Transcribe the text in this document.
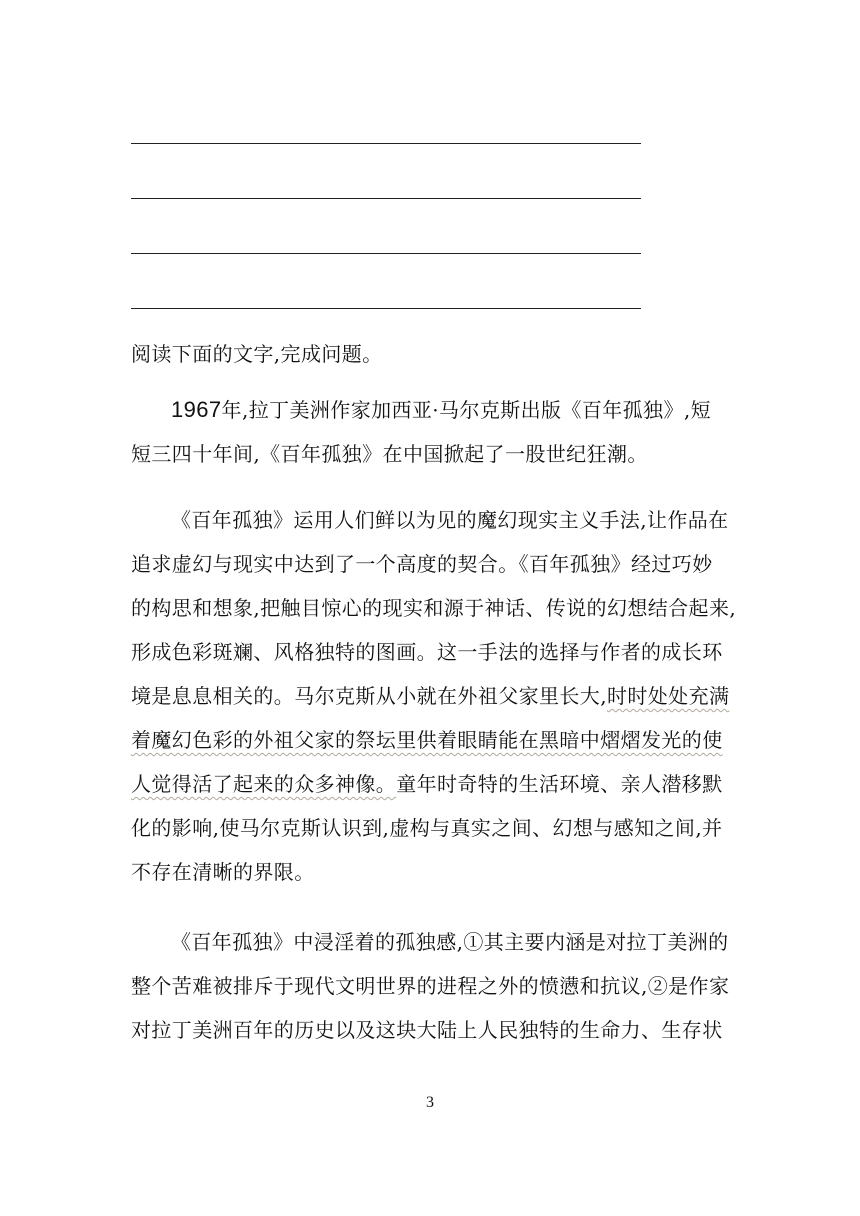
阅读下面的文字,完成问题。
1967年,拉丁美洲作家加西亚·马尔克斯出版《百年孤独》,短
短三四十年间,《百年孤独》在中国掀起了一股世纪狂潮。
《百年孤独》运用人们鲜以为见的魔幻现实主义手法,让作品在
追求虚幻与现实中达到了一个高度的契合。《百年孤独》经过巧妙
的构思和想象,把触目惊心的现实和源于神话、传说的幻想结合起来,
形成色彩斑斓、风格独特的图画。这一手法的选择与作者的成长环
境是息息相关的。马尔克斯从小就在外祖父家里长大,时时处处充满
着魔幻色彩的外祖父家的祭坛里供着眼睛能在黑暗中熠熠发光的使
人觉得活了起来的众多神像。童年时奇特的生活环境、亲人潜移默
化的影响,使马尔克斯认识到,虚构与真实之间、幻想与感知之间,并
不存在清晰的界限。
《百年孤独》中浸淫着的孤独感,①其主要内涵是对拉丁美洲的
整个苦难被排斥于现代文明世界的进程之外的愤懑和抗议,②是作家
对拉丁美洲百年的历史以及这块大陆上人民独特的生命力、生存状
3
